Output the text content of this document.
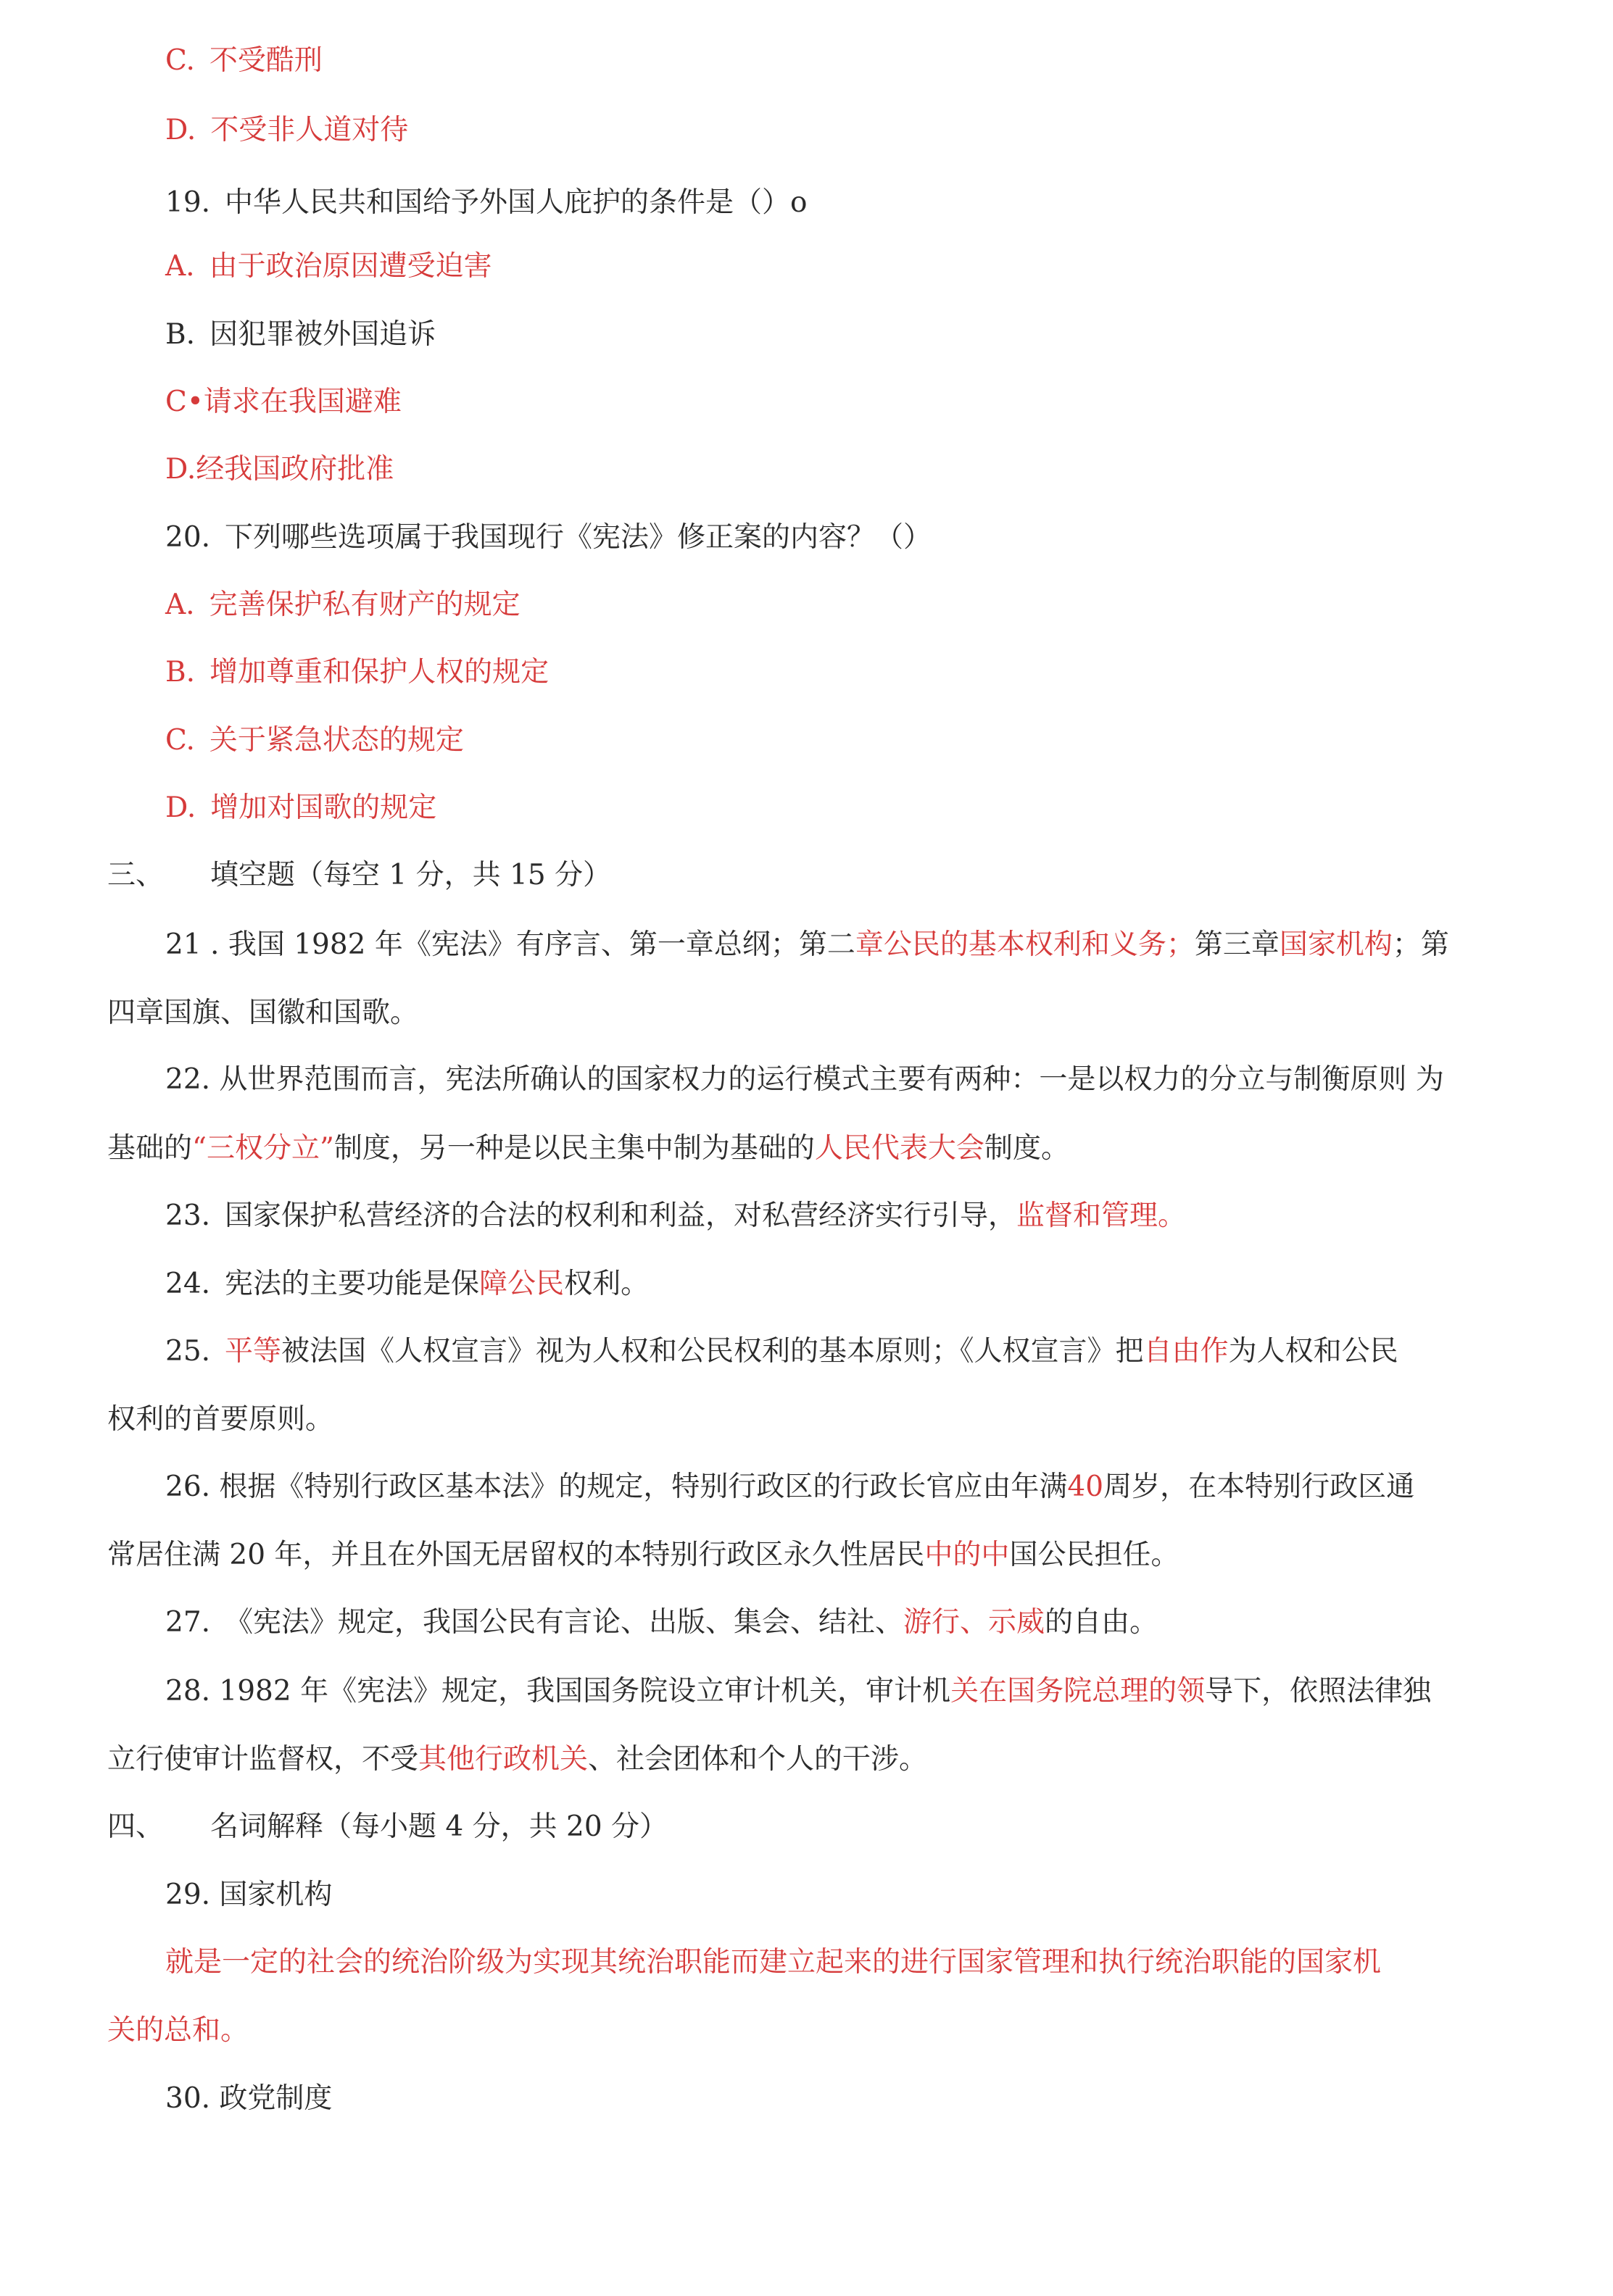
C. 不受酷刑
D. 不受非人道对待
19. 中华人民共和国给予外国人庇护的条件是（）o
A. 由于政治原因遭受迫害
B. 因犯罪被外国追诉
C•请求在我国避难
D.经我国政府批准
20. 下列哪些选项属于我国现行《宪法》修正案的内容？（）
A. 完善保护私有财产的规定
B. 增加尊重和保护人权的规定
C. 关于紧急状态的规定
D. 增加对国歌的规定
三、 填空题（每空 1 分，共 15 分）
21 . 我国 1982 年《宪法》有序言、第一章总纲；第二章公民的基本权利和义务；第三章国家机构；第
四章国旗、国徽和国歌。
22. 从世界范围而言，宪法所确认的国家权力的运行模式主要有两种：一是以权力的分立与制衡原则 为
基础的“三权分立”制度，另一种是以民主集中制为基础的人民代表大会制度。
23. 国家保护私营经济的合法的权利和利益，对私营经济实行引导，监督和管理。
24. 宪法的主要功能是保障公民权利。
25. 平等被法国《人权宣言》视为人权和公民权利的基本原则；《人权宣言》把自由作为人权和公民
权利的首要原则。
26. 根据《特别行政区基本法》的规定，特别行政区的行政长官应由年满40周岁，在本特别行政区通
常居住满 20 年，并且在外国无居留权的本特别行政区永久性居民中的中国公民担任。
27. 《宪法》规定，我国公民有言论、出版、集会、结社、游行、示威的自由。
28. 1982 年《宪法》规定，我国国务院设立审计机关，审计机关在国务院总理的领导下，依照法律独
立行使审计监督权，不受其他行政机关、社会团体和个人的干涉。
四、 名词解释（每小题 4 分，共 20 分）
29. 国家机构
就是一定的社会的统治阶级为实现其统治职能而建立起来的进行国家管理和执行统治职能的国家机
关的总和。
30. 政党制度
